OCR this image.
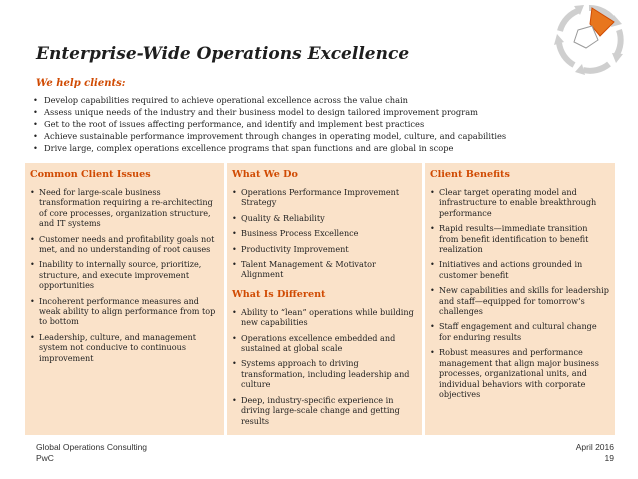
Enterprise-Wide Operations Excellence
We help clients:
• Develop capabilities required to achieve operational excellence across the value chain
• Assess unique needs of the industry and their business model to design tailored improvement program
• Get to the root of issues affecting performance, and identify and implement best practices
• Achieve sustainable performance improvement through changes in operating model, culture, and capabilities
• Drive large, complex operations excellence programs that span functions and are global in scope
Common Client Issues
• Need for large-scale business transformation requiring a re-architecting of core processes, organization structure, and IT systems
• Customer needs and profitability goals not met, and no understanding of root causes
• Inability to internally source, prioritize, structure, and execute improvement opportunities
• Incoherent performance measures and weak ability to align performance from top to bottom
• Leadership, culture, and management system not conducive to continuous improvement
What We Do
• Operations Performance Improvement Strategy
• Quality & Reliability
• Business Process Excellence
• Productivity Improvement
• Talent Management & Motivator Alignment
What Is Different
• Ability to “lean” operations while building new capabilities
• Operations excellence embedded and sustained at global scale
• Systems approach to driving transformation, including leadership and culture
• Deep, industry-specific experience in driving large-scale change and getting results
Client Benefits
• Clear target operating model and infrastructure to enable breakthrough performance
• Rapid results—immediate transition from benefit identification to benefit realization
• Initiatives and actions grounded in customer benefit
• New capabilities and skills for leadership and staff—equipped for tomorrow’s challenges
• Staff engagement and cultural change for enduring results
• Robust measures and performance management that align major business processes, organizational units, and individual behaviors with corporate objectives
Global Operations Consulting
PwC
April 2016
19
